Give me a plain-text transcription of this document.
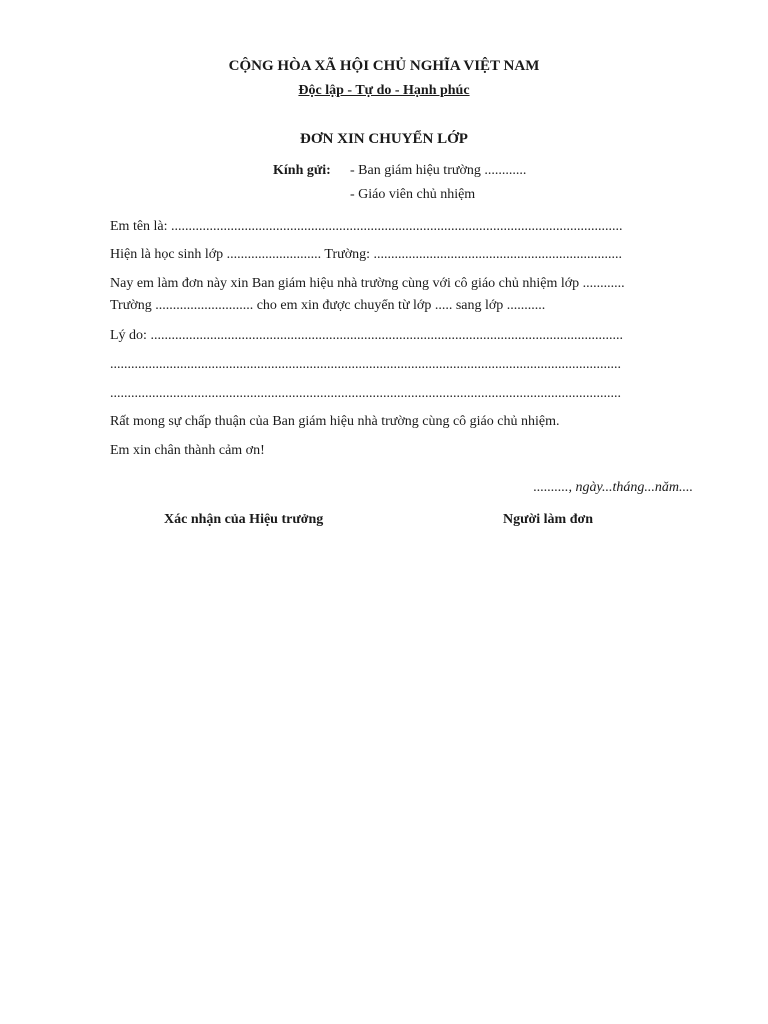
CỘNG HÒA XÃ HỘI CHỦ NGHĨA VIỆT NAM
Độc lập - Tự do - Hạnh phúc
ĐƠN XIN CHUYỂN LỚP
Kính gửi: - Ban giám hiệu trường ............
- Giáo viên chủ nhiệm
Em tên là: .................................................................................................................................
Hiện là học sinh lớp ........................... Trường: .......................................................................
Nay em làm đơn này xin Ban giám hiệu nhà trường cùng với cô giáo chủ nhiệm lớp ............
Trường ............................ cho em xin được chuyển từ lớp ..... sang lớp ...........
Lý do: .......................................................................................................................................
..................................................................................................................................................
..................................................................................................................................................
Rất mong sự chấp thuận của Ban giám hiệu nhà trường cùng cô giáo chủ nhiệm.
Em xin chân thành cảm ơn!
.........., ngày...tháng...năm....
Xác nhận của Hiệu trưởng	Người làm đơn
